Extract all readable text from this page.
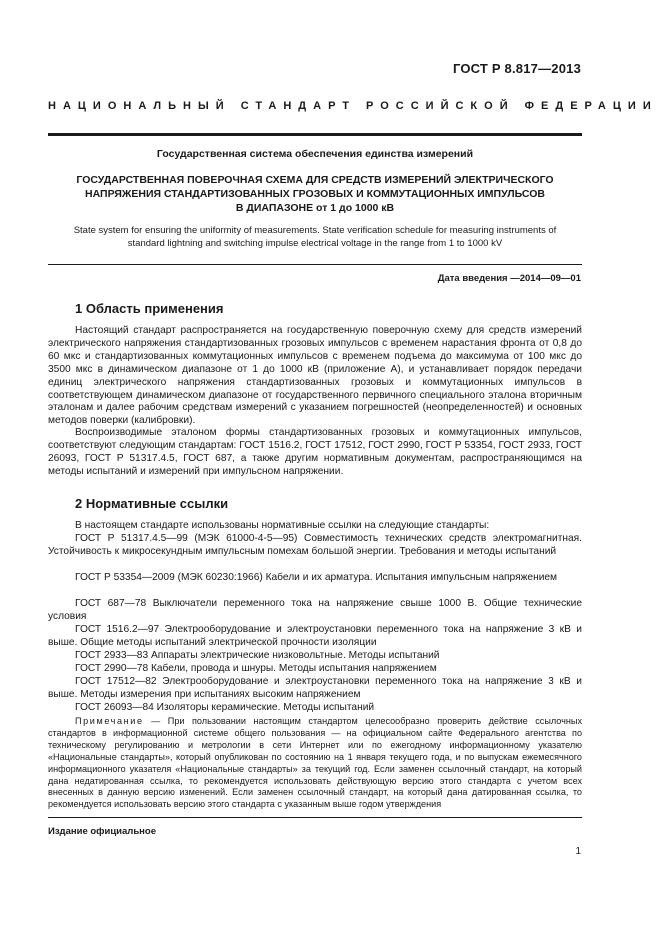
ГОСТ Р 8.817—2013
НАЦИОНАЛЬНЫЙ СТАНДАРТ РОССИЙСКОЙ ФЕДЕРАЦИИ
Государственная система обеспечения единства измерений
ГОСУДАРСТВЕННАЯ ПОВЕРОЧНАЯ СХЕМА ДЛЯ СРЕДСТВ ИЗМЕРЕНИЙ ЭЛЕКТРИЧЕСКОГО
НАПРЯЖЕНИЯ СТАНДАРТИЗОВАННЫХ ГРОЗОВЫХ И КОММУТАЦИОННЫХ ИМПУЛЬСОВ
В ДИАПАЗОНЕ от 1 до 1000 кВ
State system for ensuring the uniformity of measurements. State verification schedule for measuring instruments of
standard lightning and switching impulse electrical voltage in the range from 1 to 1000 kV
Дата введения —2014—09—01
1 Область применения
Настоящий стандарт распространяется на государственную поверочную схему для средств измерений электрического напряжения стандартизованных грозовых импульсов с временем нарастания фронта от 0,8 до 60 мкс и стандартизованных коммутационных импульсов с временем подъема до максимума от 100 мкс до 3500 мкс в динамическом диапазоне от 1 до 1000 кВ (приложение А), и устанавливает порядок передачи единиц электрического напряжения стандартизованных грозовых и коммутационных импульсов в соответствующем динамическом диапазоне от государственного первичного специального эталона вторичным эталонам и далее рабочим средствам измерений с указанием погрешностей (неопределенностей) и основных методов поверки (калибровки).
Воспроизводимые эталоном формы стандартизованных грозовых и коммутационных импульсов, соответствуют следующим стандартам: ГОСТ 1516.2, ГОСТ 17512, ГОСТ 2990, ГОСТ Р 53354, ГОСТ 2933, ГОСТ 26093, ГОСТ Р 51317.4.5, ГОСТ 687, а также другим нормативным документам, распространяющимся на методы испытаний и измерений при импульсном напряжении.
2 Нормативные ссылки
В настоящем стандарте использованы нормативные ссылки на следующие стандарты:
ГОСТ Р 51317.4.5—99 (МЭК 61000-4-5—95) Совместимость технических средств электромагнитная. Устойчивость к микросекундным импульсным помехам большой энергии. Требования и методы испытаний
ГОСТ Р 53354—2009 (МЭК 60230:1966) Кабели и их арматура. Испытания импульсным напряжением
ГОСТ 687—78 Выключатели переменного тока на напряжение свыше 1000 В. Общие технические условия
ГОСТ 1516.2—97 Электрооборудование и электроустановки переменного тока на напряжение 3 кВ и выше. Общие методы испытаний электрической прочности изоляции
ГОСТ 2933—83 Аппараты электрические низковольтные. Методы испытаний
ГОСТ 2990—78 Кабели, провода и шнуры. Методы испытания напряжением
ГОСТ 17512—82 Электрооборудование и электроустановки переменного тока на напряжение 3 кВ и выше. Методы измерения при испытаниях высоким напряжением
ГОСТ 26093—84 Изоляторы керамические. Методы испытаний
Примечание — При пользовании настоящим стандартом целесообразно проверить действие ссылочных стандартов в информационной системе общего пользования — на официальном сайте Федерального агентства по техническому регулированию и метрологии в сети Интернет или по ежегодному информационному указателю «Национальные стандарты», который опубликован по состоянию на 1 января текущего года, и по выпускам ежемесячного информационного указателя «Национальные стандарты» за текущий год. Если заменен ссылочный стандарт, на который дана недатированная ссылка, то рекомендуется использовать действующую версию этого стандарта с учетом всех внесенных в данную версию изменений. Если заменен ссылочный стандарт, на который дана датированная ссылка, то рекомендуется использовать версию этого стандарта с указанным выше годом утверждения
Издание официальное
1
